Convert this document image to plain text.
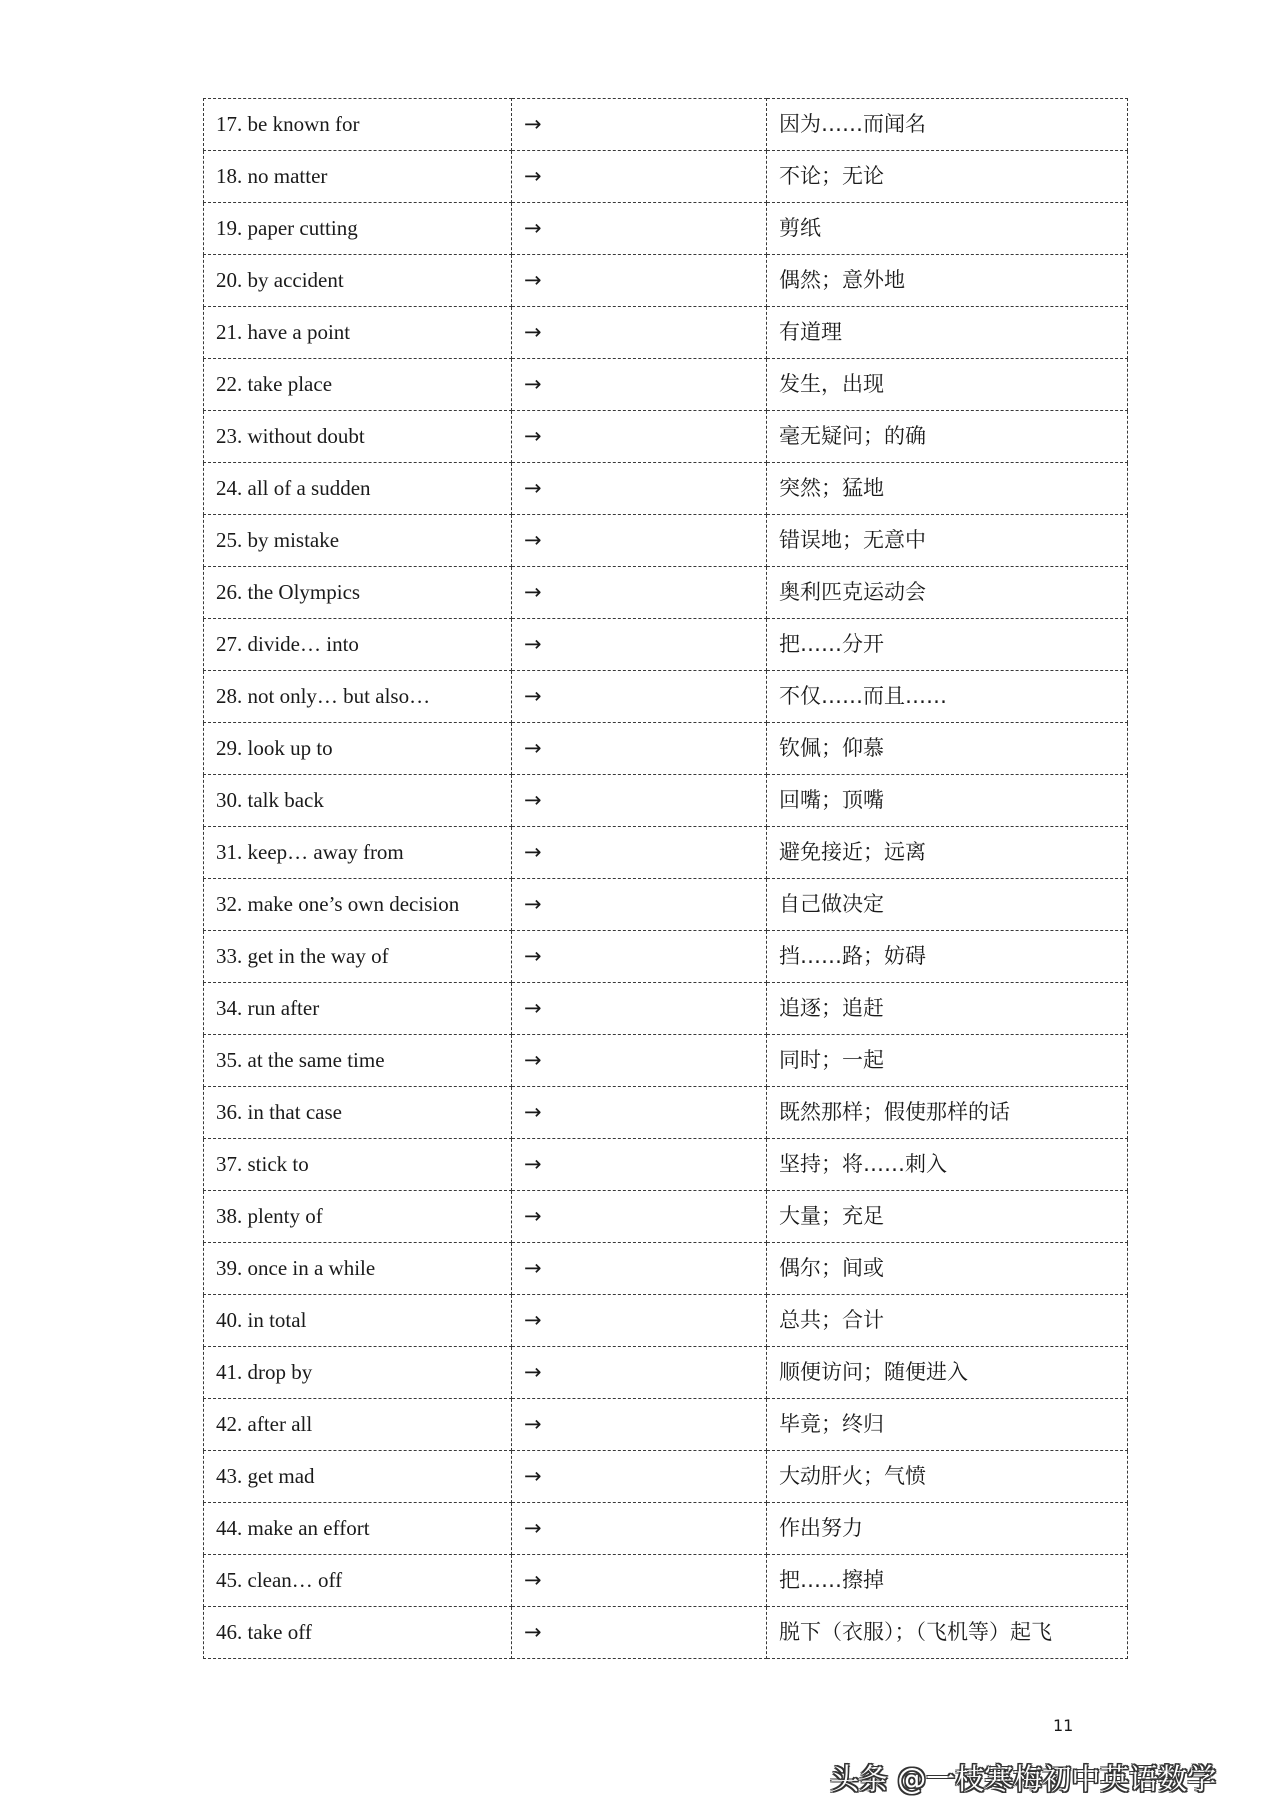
17. be known for	→	因为……而闻名
18. no matter	→	不论；无论
19. paper cutting	→	剪纸
20. by accident	→	偶然；意外地
21. have a point	→	有道理
22. take place	→	发生，出现
23. without doubt	→	毫无疑问；的确
24. all of a sudden	→	突然；猛地
25. by mistake	→	错误地；无意中
26. the Olympics	→	奥利匹克运动会
27. divide… into	→	把……分开
28. not only… but also…	→	不仅……而且……
29. look up to	→	钦佩；仰慕
30. talk back	→	回嘴；顶嘴
31. keep… away from	→	避免接近；远离
32. make one’s own decision	→	自己做决定
33. get in the way of	→	挡……路；妨碍
34. run after	→	追逐；追赶
35. at the same time	→	同时；一起
36. in that case	→	既然那样；假使那样的话
37. stick to	→	坚持；将……刺入
38. plenty of	→	大量；充足
39. once in a while	→	偶尔；间或
40. in total	→	总共；合计
41. drop by	→	顺便访问；随便进入
42. after all	→	毕竟；终归
43. get mad	→	大动肝火；气愤
44. make an effort	→	作出努力
45. clean… off	→	把……擦掉
46. take off	→	脱下（衣服）；（飞机等）起飞
11
头条 @一枝寒梅初中英语数学
